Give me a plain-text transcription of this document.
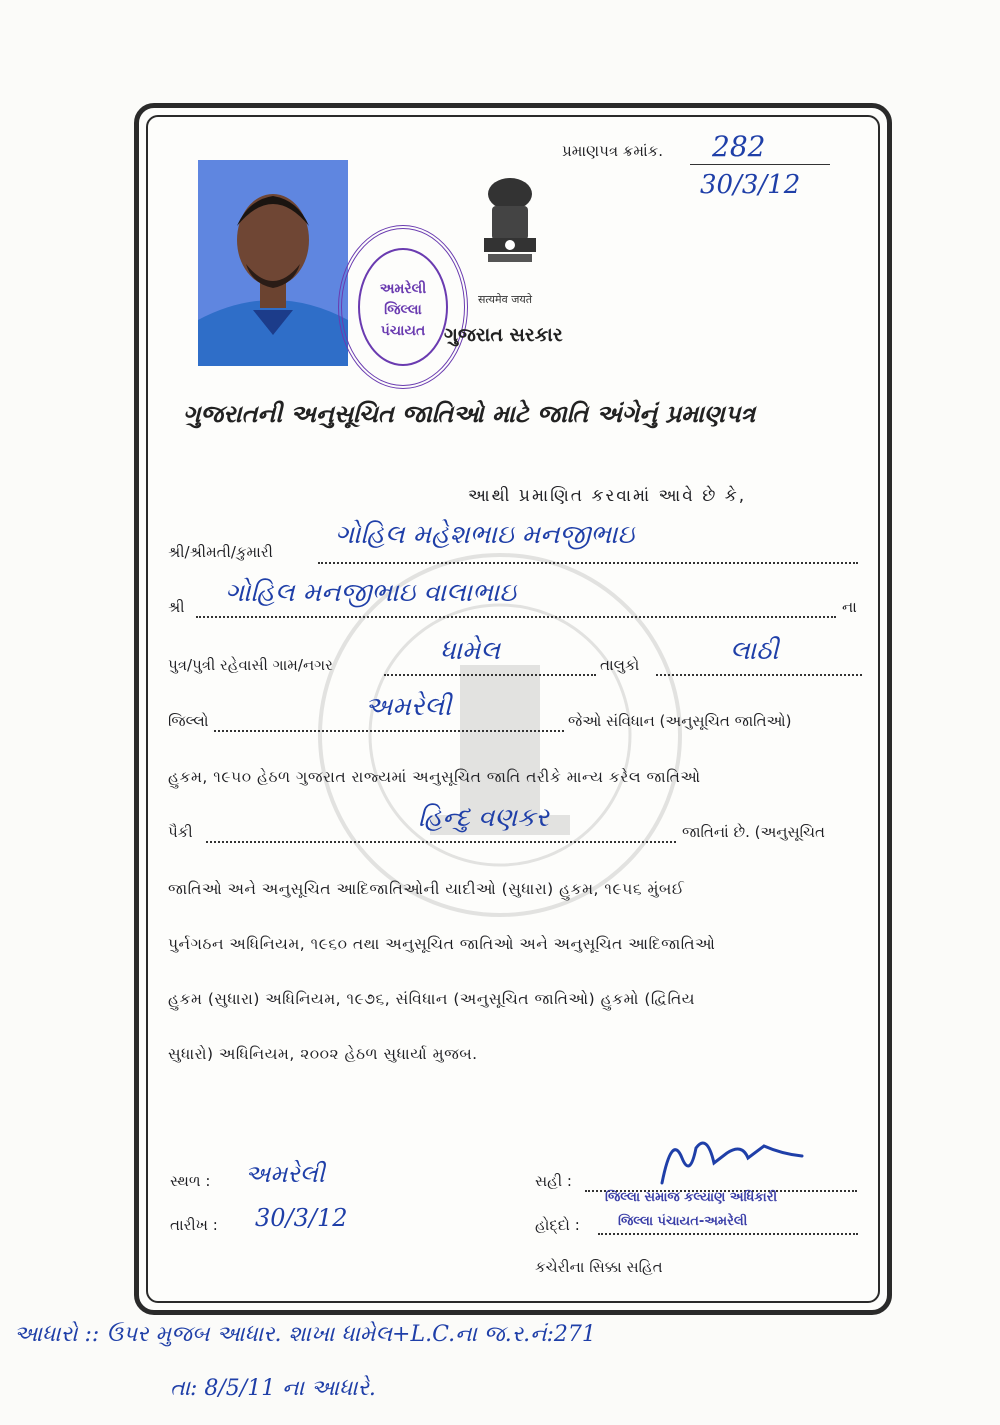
પ્રમાણપત્ર ક્રમાંક. 282
30/3/12
અમરેલી
જિલ્લા
પંચાયત
सत्यमेव जयते
ગુજરાત સરકાર
ગુજરાતની અનુસૂચિત જાતિઓ માટે જાતિ અંગેનું પ્રમાણપત્ર
આથી પ્રમાણિત કરવામાં આવે છે કે,
શ્રી/શ્રીમતી/કુમારી
ગોહિલ મહેશભાઇ મનજીભાઇ
શ્રી ગોહિલ મનજીભાઇ વાલાભાઇ	ના
પુત્ર/પુત્રી રહેવાસી ગામ/નગર	ધામેલ	તાલુકો	લાઠી
જિલ્લો	અમરેલી	જેઓ સંવિધાન (અનુસૂચિત જાતિઓ)
હુકમ, ૧૯૫૦ હેઠળ ગુજરાત રાજ્યમાં અનુસૂચિત જાતિ તરીકે માન્ય કરેલ જાતિઓ
પૈકી	હિન્દુ વણકર	જાતિનાં છે. (અનુસૂચિત
જાતિઓ અને અનુસૂચિત આદિજાતિઓની યાદીઓ (સુધારા) હુકમ, ૧૯૫૬ મુંબઈ
પુર્નગઠન અધિનિયમ, ૧૯૬૦ તથા અનુસૂચિત જાતિઓ અને અનુસૂચિત આદિજાતિઓ
હુકમ (સુધારા) અધિનિયમ, ૧૯૭૬, સંવિધાન (અનુસૂચિત જાતિઓ) હુકમો (દ્વિતિય
સુધારો) અધિનિયમ, ૨૦૦૨ હેઠળ સુધાર્યા મુજબ.
સ્થળ : અમરેલી
તારીખ : 30/3/12
સહી :
જિલ્લા સમાજ કલ્યાણ અધિકારી
હોદ્દો :	જિલ્લા પંચાયત-અમરેલી
કચેરીના સિક્કા સહિત
આધારો :: ઉપર મુજબ આધાર. શાખા ધામેલ+L.C.ના જ.ર.નં:271
તા: 8/5/11 ના આધારે.
